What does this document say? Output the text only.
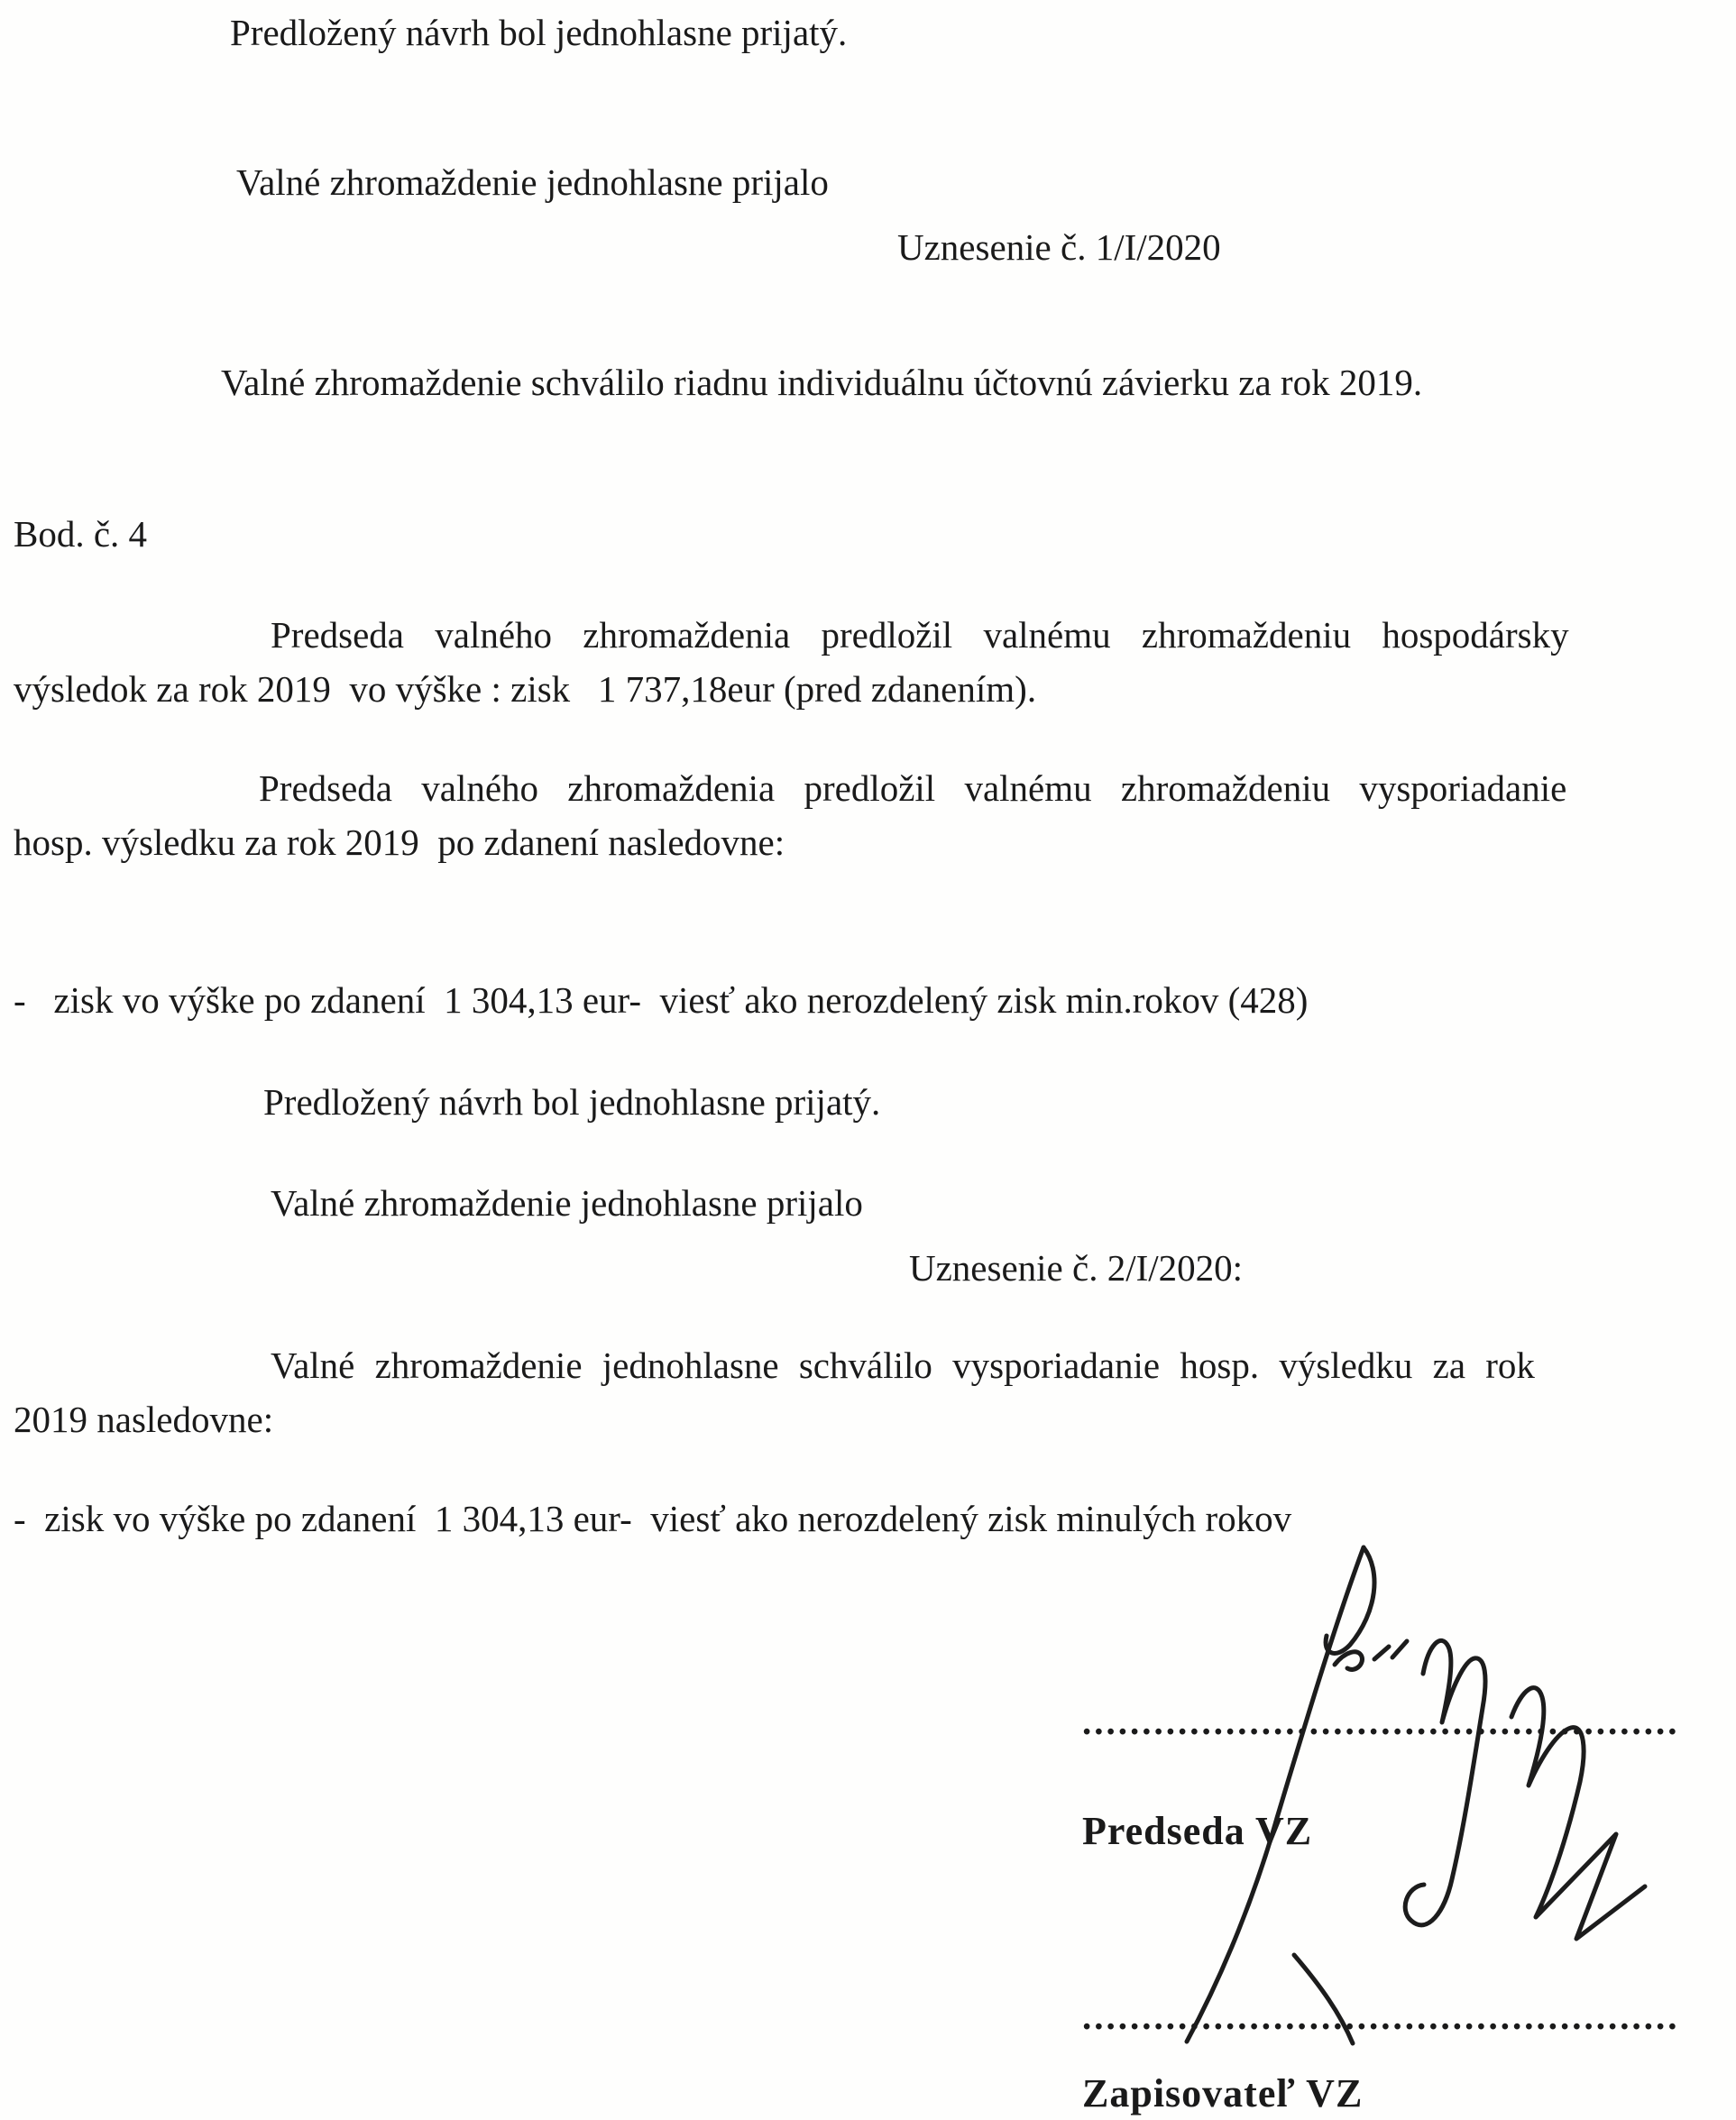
Predložený návrh bol jednohlasne prijatý.

Valné zhromaždenie jednohlasne prijalo

Uznesenie č. 1/I/2020

Valné zhromaždenie schválilo riadnu individuálnu účtovnú závierku za rok 2019.

Bod. č. 4

Predseda valného zhromaždenia predložil valnému zhromaždeniu hospodársky

výsledok za rok 2019  vo výške : zisk   1 737,18eur (pred zdanením).

Predseda valného zhromaždenia predložil valnému zhromaždeniu vysporiadanie

hosp. výsledku za rok 2019  po zdanení nasledovne:

-   zisk vo výške po zdanení  1 304,13 eur-  viesť ako nerozdelený zisk min.rokov (428)

Predložený návrh bol jednohlasne prijatý.

Valné zhromaždenie jednohlasne prijalo

Uznesenie č. 2/I/2020:

Valné zhromaždenie jednohlasne schválilo vysporiadanie hosp. výsledku za rok

2019 nasledovne:

-  zisk vo výške po zdanení  1 304,13 eur-  viesť ako nerozdelený zisk minulých rokov

..................................................

Predseda VZ

..................................................

Zapisovateľ VZ
